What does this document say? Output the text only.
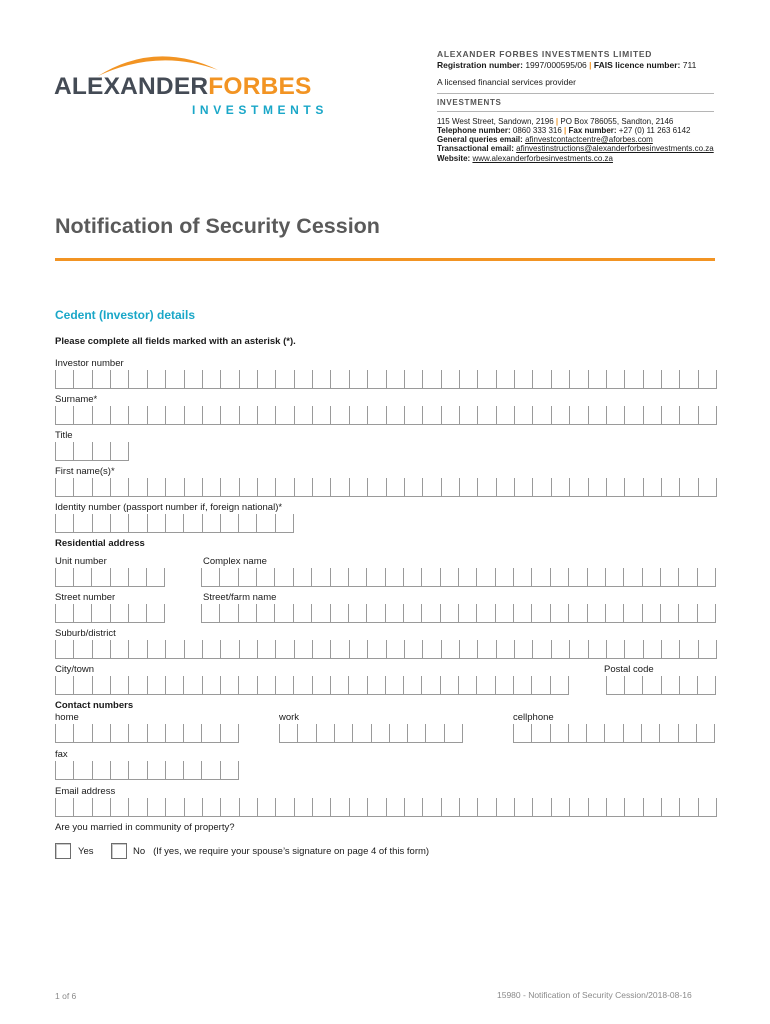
ALEXANDERFORBES
INVESTMENTS
ALEXANDER FORBES INVESTMENTS LIMITED
Registration number: 1997/000595/06 | FAIS licence number: 711
A licensed financial services provider
INVESTMENTS
115 West Street, Sandown, 2196 | PO Box 786055, Sandton, 2146
Telephone number: 0860 333 316 | Fax number: +27 (0) 11 263 6142
General queries email: afinvestcontactcentre@aforbes.com
Transactional email: afinvestinstructions@alexanderforbesinvestments.co.za
Website: www.alexanderforbesinvestments.co.za
Notification of Security Cession
Cedent (Investor) details
Please complete all fields marked with an asterisk (*).
Investor number
Surname*
Title
First name(s)*
Identity number (passport number if, foreign national)*
Residential address
Unit number	Complex name
Street number	Street/farm name
Suburb/district
City/town	Postal code
Contact numbers
home	work	cellphone
fax
Email address
Are you married in community of property?
Yes	No (If yes, we require your spouse’s signature on page 4 of this form)
1 of 6	15980 - Notification of Security Cession/2018-08-16
